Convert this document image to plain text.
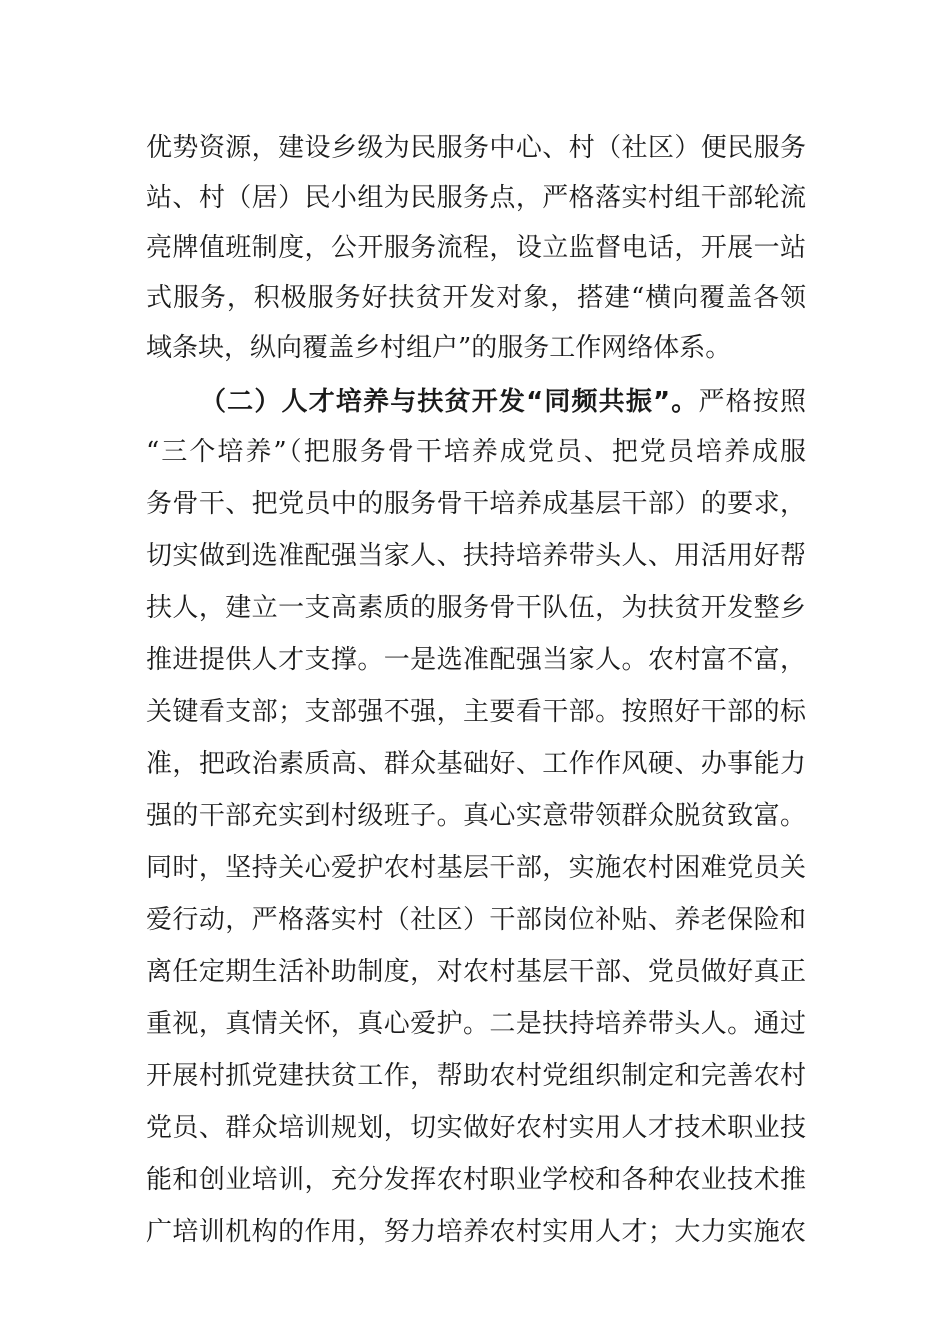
优势资源，建设乡级为民服务中心、村（社区）便民服务
站、村（居）民小组为民服务点，严格落实村组干部轮流
亮牌值班制度，公开服务流程，设立监督电话，开展一站
式服务，积极服务好扶贫开发对象，搭建“横向覆盖各领
域条块，纵向覆盖乡村组户”的服务工作网络体系。
（二）人才培养与扶贫开发“同频共振”。严格按照
“三个培养”（把服务骨干培养成党员、把党员培养成服
务骨干、把党员中的服务骨干培养成基层干部）的要求，
切实做到选准配强当家人、扶持培养带头人、用活用好帮
扶人，建立一支高素质的服务骨干队伍，为扶贫开发整乡
推进提供人才支撑。一是选准配强当家人。农村富不富，
关键看支部；支部强不强，主要看干部。按照好干部的标
准，把政治素质高、群众基础好、工作作风硬、办事能力
强的干部充实到村级班子。真心实意带领群众脱贫致富。
同时，坚持关心爱护农村基层干部，实施农村困难党员关
爱行动，严格落实村（社区）干部岗位补贴、养老保险和
离任定期生活补助制度，对农村基层干部、党员做好真正
重视，真情关怀，真心爱护。二是扶持培养带头人。通过
开展村抓党建扶贫工作，帮助农村党组织制定和完善农村
党员、群众培训规划，切实做好农村实用人才技术职业技
能和创业培训，充分发挥农村职业学校和各种农业技术推
广培训机构的作用，努力培养农村实用人才；大力实施农
